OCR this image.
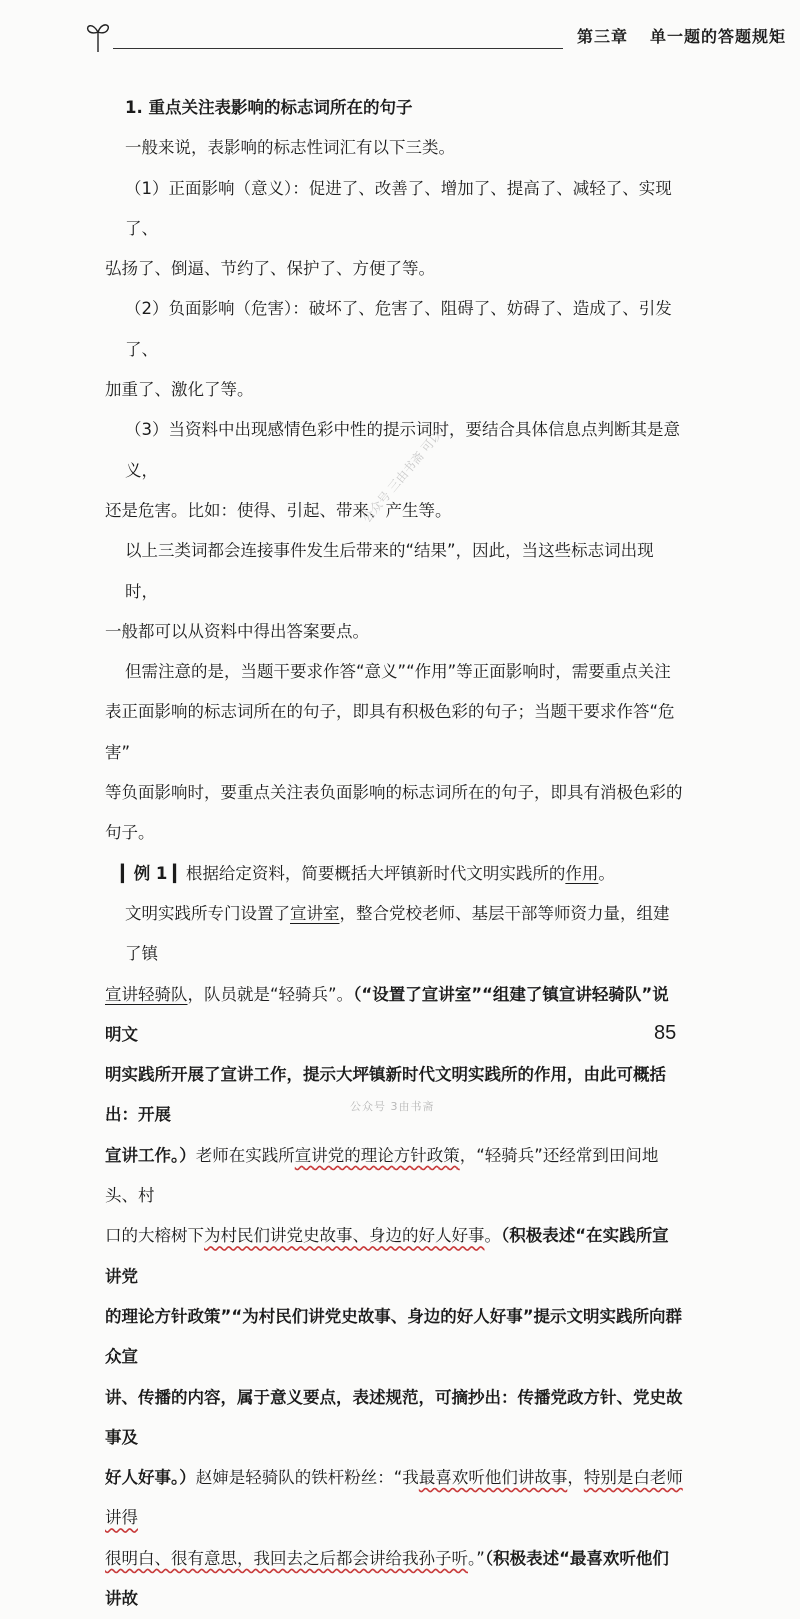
第三章 单一题的答题规矩

1. 重点关注表影响的标志词所在的句子

一般来说，表影响的标志性词汇有以下三类。

（1）正面影响（意义）：促进了、改善了、增加了、提高了、减轻了、实现了、

弘扬了、倒逼、节约了、保护了、方便了等。

（2）负面影响（危害）：破坏了、危害了、阻碍了、妨碍了、造成了、引发了、

加重了、激化了等。

（3）当资料中出现感情色彩中性的提示词时，要结合具体信息点判断其是意义，

还是危害。比如：使得、引起、带来、产生等。

以上三类词都会连接事件发生后带来的“结果”，因此，当这些标志词出现时，

一般都可以从资料中得出答案要点。

但需注意的是，当题干要求作答“意义”“作用”等正面影响时，需要重点关注

表正面影响的标志词所在的句子，即具有积极色彩的句子；当题干要求作答“危害”

等负面影响时，要重点关注表负面影响的标志词所在的句子，即具有消极色彩的句子。

▎例 1 ▎根据给定资料，简要概括大坪镇新时代文明实践所的作用。

文明实践所专门设置了宣讲室，整合党校老师、基层干部等师资力量，组建了镇

宣讲轻骑队，队员就是“轻骑兵”。（“设置了宣讲室”“组建了镇宣讲轻骑队”说明文

明实践所开展了宣讲工作，提示大坪镇新时代文明实践所的作用，由此可概括出：开展

宣讲工作。）老师在实践所宣讲党的理论方针政策，“轻骑兵”还经常到田间地头、村

口的大榕树下为村民们讲党史故事、身边的好人好事。（积极表述“在实践所宣讲党

的理论方针政策”“为村民们讲党史故事、身边的好人好事”提示文明实践所向群众宣

讲、传播的内容，属于意义要点，表述规范，可摘抄出：传播党政方针、党史故事及

好人好事。）赵婶是轻骑队的铁杆粉丝：“我最喜欢听他们讲故事，特别是白老师讲得

很明白、很有意思，我回去之后都会讲给我孙子听。”（积极表述“最喜欢听他们讲故

公众号 三由书斋 可以
85
公众号 3由书斋
